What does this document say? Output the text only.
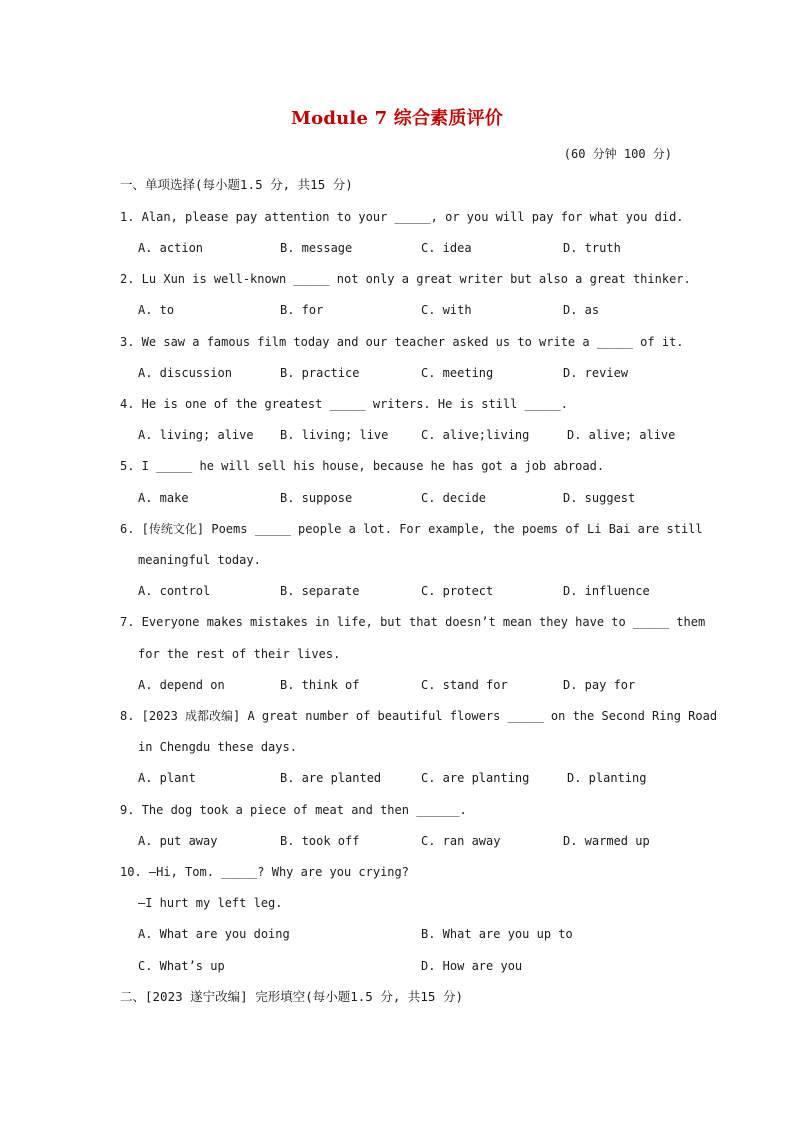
Module 7 综合素质评价
(60 分钟 100 分)
一、单项选择(每小题1.5 分, 共15 分)
1. Alan, please pay attention to your _____, or you will pay for what you did.
A. action	B. message	C. idea	D. truth
2. Lu Xun is well-known _____ not only a great writer but also a great thinker.
A. to	B. for	C. with	D. as
3. We saw a famous film today and our teacher asked us to write a _____ of it.
A. discussion	B. practice	C. meeting	D. review
4. He is one of the greatest _____ writers. He is still _____.
A. living; alive B. living; live	C. alive;living	D. alive; alive
5. I _____ he will sell his house, because he has got a job abroad.
A. make	B. suppose	C. decide	D. suggest
6. [传统文化] Poems _____ people a lot. For example, the poems of Li Bai are still
meaningful today.
A. control	B. separate	C. protect	D. influence
7. Everyone makes mistakes in life, but that doesn’t mean they have to _____ them
for the rest of their lives.
A. depend on	B. think of	C. stand for	D. pay for
8. [2023 成都改编] A great number of beautiful flowers _____ on the Second Ring Road
in Chengdu these days.
A. plant	B. are planted	C. are planting	D. planting
9. The dog took a piece of meat and then ______.
A. put away	B. took off	C. ran away	D. warmed up
10. —Hi, Tom. _____? Why are you crying?
—I hurt my left leg.
A. What are you doing	B. What are you up to
C. What’s up	D. How are you
二、[2023 遂宁改编] 完形填空(每小题1.5 分, 共15 分)
